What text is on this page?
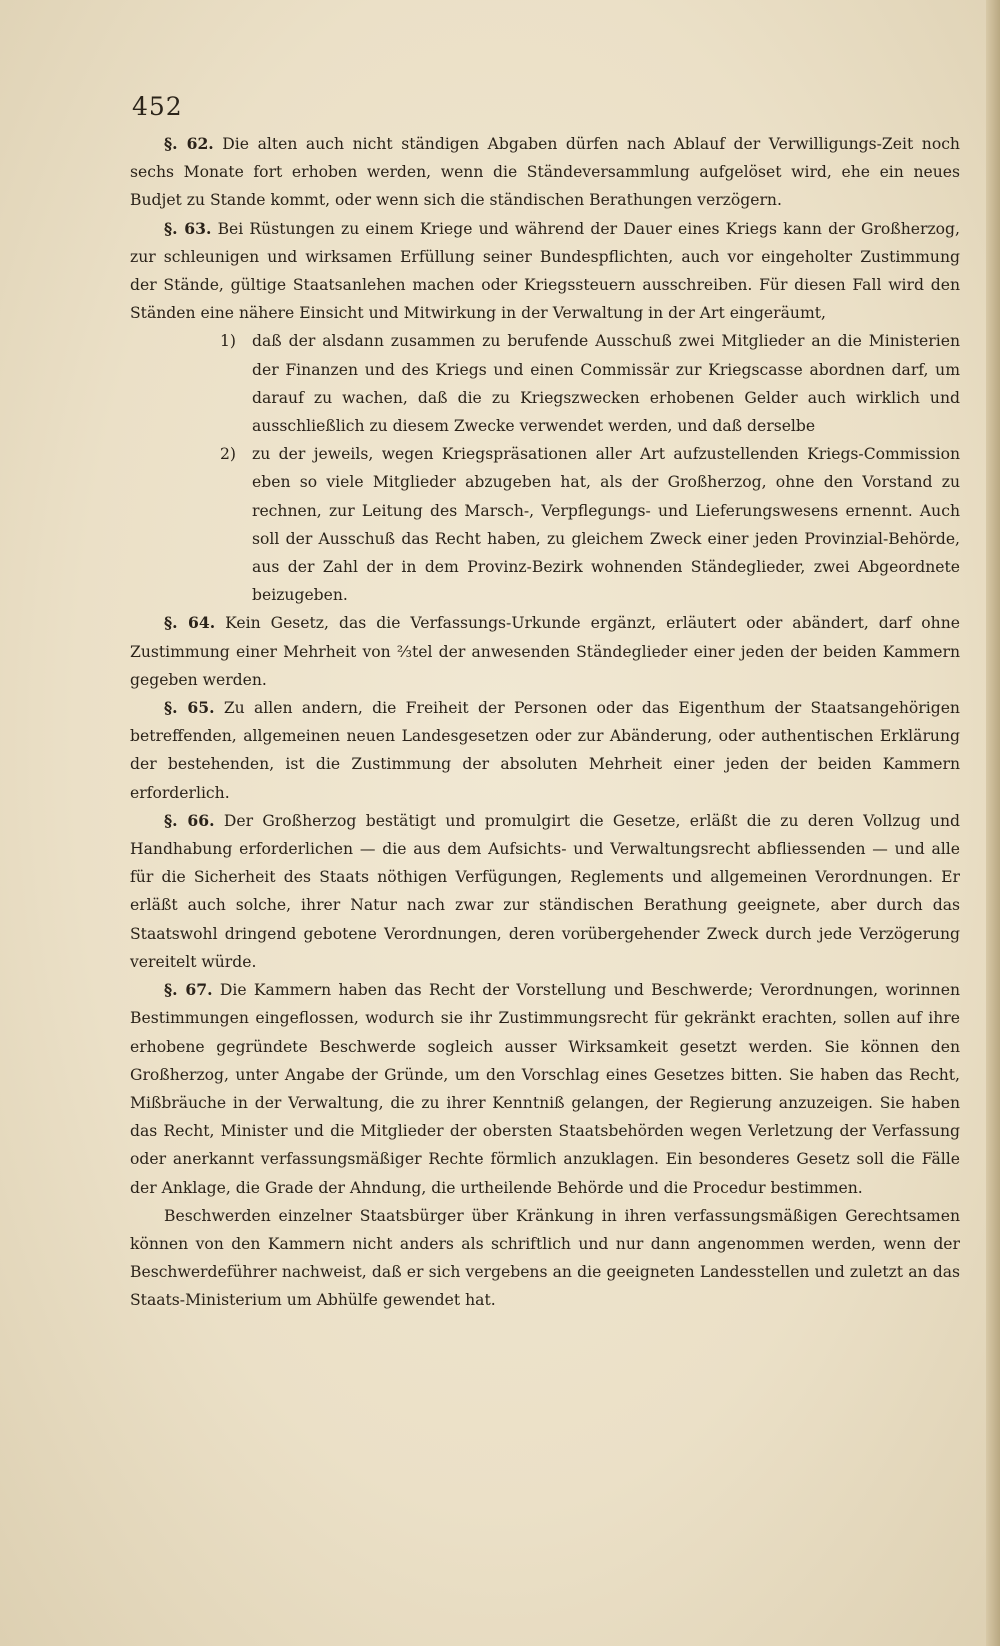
452

§. 62. Die alten auch nicht ständigen Abgaben dürfen nach Ablauf der Verwilligungs-Zeit noch sechs Monate fort erhoben werden, wenn die Ständeversammlung aufgelöset wird, ehe ein neues Budjet zu Stande kommt, oder wenn sich die ständischen Berathungen verzögern.

§. 63. Bei Rüstungen zu einem Kriege und während der Dauer eines Kriegs kann der Großherzog, zur schleunigen und wirksamen Erfüllung seiner Bundespflichten, auch vor eingeholter Zustimmung der Stände, gültige Staatsanlehen machen oder Kriegssteuern ausschreiben. Für diesen Fall wird den Ständen eine nähere Einsicht und Mitwirkung in der Verwaltung in der Art eingeräumt,

1) daß der alsdann zusammen zu berufende Ausschuß zwei Mitglieder an die Ministerien der Finanzen und des Kriegs und einen Commissär zur Kriegscasse abordnen darf, um darauf zu wachen, daß die zu Kriegszwecken erhobenen Gelder auch wirklich und ausschließlich zu diesem Zwecke verwendet werden, und daß derselbe

2) zu der jeweils, wegen Kriegspräsationen aller Art aufzustellenden Kriegs-Commission eben so viele Mitglieder abzugeben hat, als der Großherzog, ohne den Vorstand zu rechnen, zur Leitung des Marsch-, Verpflegungs- und Lieferungswesens ernennt. Auch soll der Ausschuß das Recht haben, zu gleichem Zweck einer jeden Provinzial-Behörde, aus der Zahl der in dem Provinz-Bezirk wohnenden Ständeglieder, zwei Abgeordnete beizugeben.

§. 64. Kein Gesetz, das die Verfassungs-Urkunde ergänzt, erläutert oder abändert, darf ohne Zustimmung einer Mehrheit von ⅔tel der anwesenden Ständeglieder einer jeden der beiden Kammern gegeben werden.

§. 65. Zu allen andern, die Freiheit der Personen oder das Eigenthum der Staatsangehörigen betreffenden, allgemeinen neuen Landesgesetzen oder zur Abänderung, oder authentischen Erklärung der bestehenden, ist die Zustimmung der absoluten Mehrheit einer jeden der beiden Kammern erforderlich.

§. 66. Der Großherzog bestätigt und promulgirt die Gesetze, erläßt die zu deren Vollzug und Handhabung erforderlichen — die aus dem Aufsichts- und Verwaltungsrecht abfliessenden — und alle für die Sicherheit des Staats nöthigen Verfügungen, Reglements und allgemeinen Verordnungen. Er erläßt auch solche, ihrer Natur nach zwar zur ständischen Berathung geeignete, aber durch das Staatswohl dringend gebotene Verordnungen, deren vorübergehender Zweck durch jede Verzögerung vereitelt würde.

§. 67. Die Kammern haben das Recht der Vorstellung und Beschwerde; Verordnungen, worinnen Bestimmungen eingeflossen, wodurch sie ihr Zustimmungsrecht für gekränkt erachten, sollen auf ihre erhobene gegründete Beschwerde sogleich ausser Wirksamkeit gesetzt werden. Sie können den Großherzog, unter Angabe der Gründe, um den Vorschlag eines Gesetzes bitten. Sie haben das Recht, Mißbräuche in der Verwaltung, die zu ihrer Kenntniß gelangen, der Regierung anzuzeigen. Sie haben das Recht, Minister und die Mitglieder der obersten Staatsbehörden wegen Verletzung der Verfassung oder anerkannt verfassungsmäßiger Rechte förmlich anzuklagen. Ein besonderes Gesetz soll die Fälle der Anklage, die Grade der Ahndung, die urtheilende Behörde und die Procedur bestimmen.

Beschwerden einzelner Staatsbürger über Kränkung in ihren verfassungsmäßigen Gerechtsamen können von den Kammern nicht anders als schriftlich und nur dann angenommen werden, wenn der Beschwerdeführer nachweist, daß er sich vergebens an die geeigneten Landesstellen und zuletzt an das Staats-Ministerium um Abhülfe gewendet hat.
